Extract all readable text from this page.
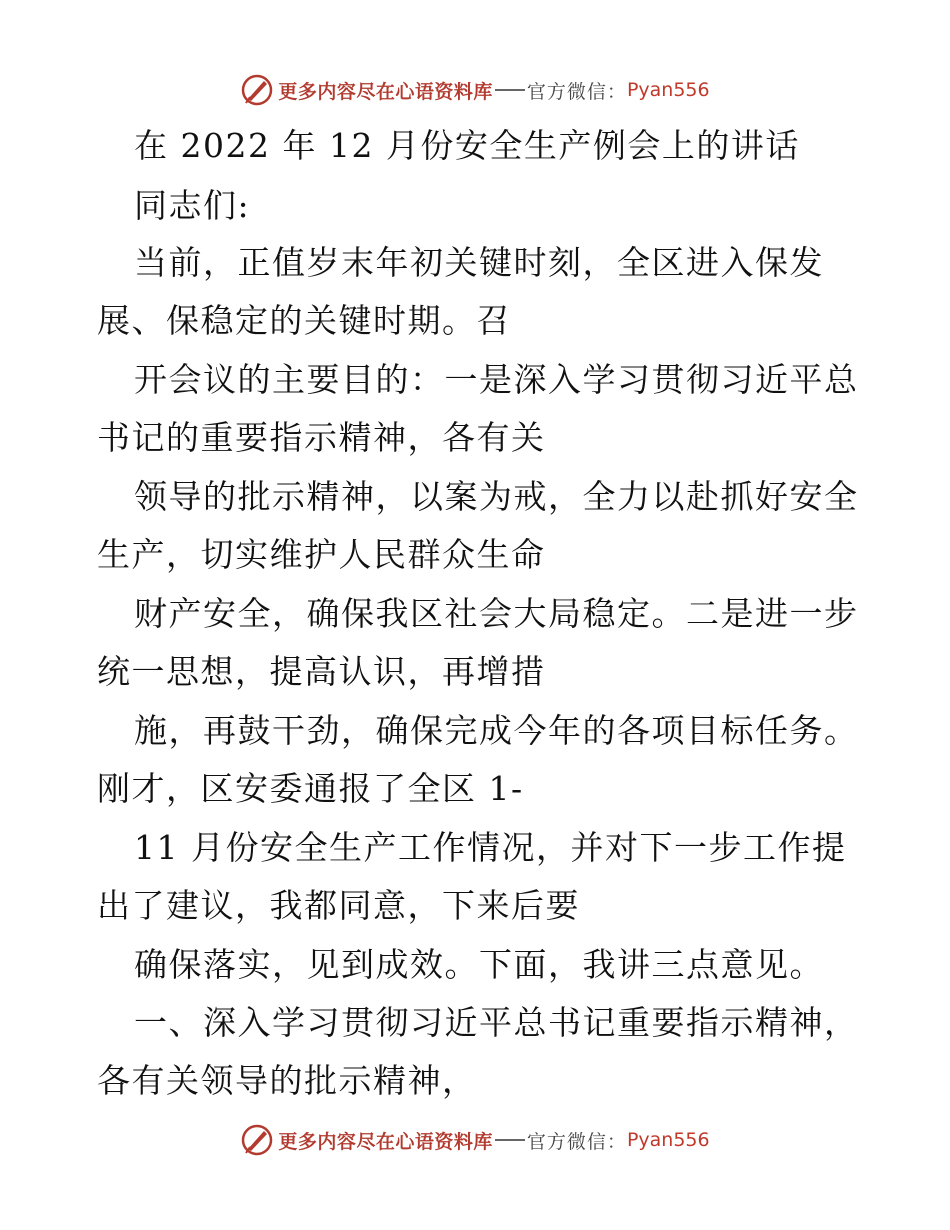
更多内容尽在心语资料库 官方微信： Pyan556
在 2022 年 12 月份安全生产例会上的讲话
同志们:
当前，正值岁末年初关键时刻，全区进入保发
展、保稳定的关键时期。召
开会议的主要目的：一是深入学习贯彻习近平总
书记的重要指示精神，各有关
领导的批示精神，以案为戒，全力以赴抓好安全
生产，切实维护人民群众生命
财产安全，确保我区社会大局稳定。二是进一步
统一思想，提高认识，再增措
施，再鼓干劲，确保完成今年的各项目标任务。
刚才，区安委通报了全区 1-
11 月份安全生产工作情况，并对下一步工作提
出了建议，我都同意，下来后要
确保落实，见到成效。下面，我讲三点意见。
一、深入学习贯彻习近平总书记重要指示精神，
各有关领导的批示精神，
更多内容尽在心语资料库 官方微信： Pyan556
